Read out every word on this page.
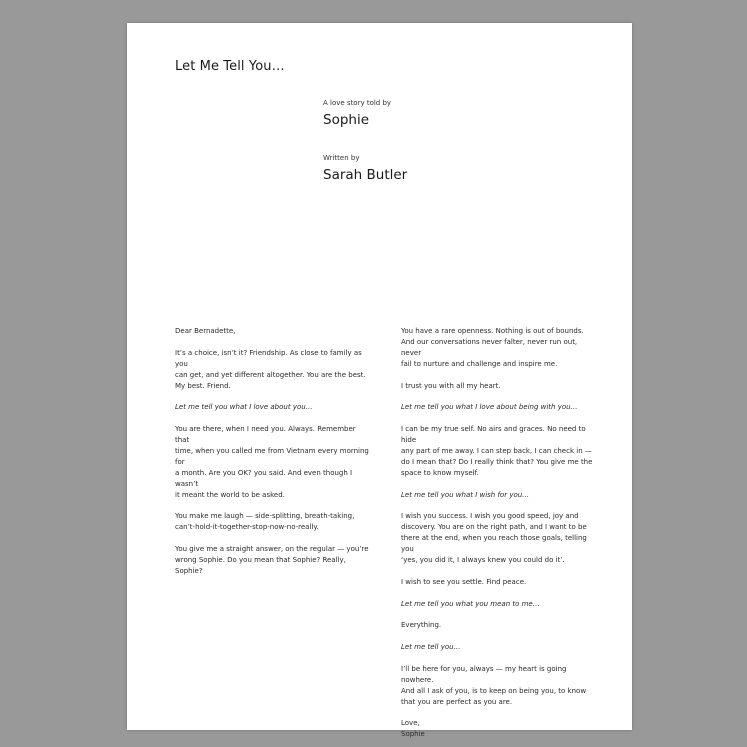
Let Me Tell You…
A love story told by
Sophie
Written by
Sarah Butler

Dear Bernadette,

It’s a choice, isn’t it? Friendship. As close to family as you
can get, and yet different altogether. You are the best.
My best. Friend.

Let me tell you what I love about you…

You are there, when I need you. Always. Remember that
time, when you called me from Vietnam every morning for
a month. Are you OK? you said. And even though I wasn’t
it meant the world to be asked.

You make me laugh — side-splitting, breath-taking,
can’t-hold-it-together-stop-now-no-really.

You give me a straight answer, on the regular — you’re
wrong Sophie. Do you mean that Sophie? Really, Sophie?

You have a rare openness. Nothing is out of bounds.
And our conversations never falter, never run out, never
fail to nurture and challenge and inspire me.

I trust you with all my heart.

Let me tell you what I love about being with you…

I can be my true self. No airs and graces. No need to hide
any part of me away. I can step back, I can check in —
do I mean that? Do I really think that? You give me the
space to know myself.

Let me tell you what I wish for you…

I wish you success. I wish you good speed, joy and
discovery. You are on the right path, and I want to be
there at the end, when you reach those goals, telling you
‘yes, you did it, I always knew you could do it’.

I wish to see you settle. Find peace.

Let me tell you what you mean to me…

Everything.

Let me tell you…

I’ll be here for you, always — my heart is going nowhere.
And all I ask of you, is to keep on being you, to know
that you are perfect as you are.

Love,
Sophie
